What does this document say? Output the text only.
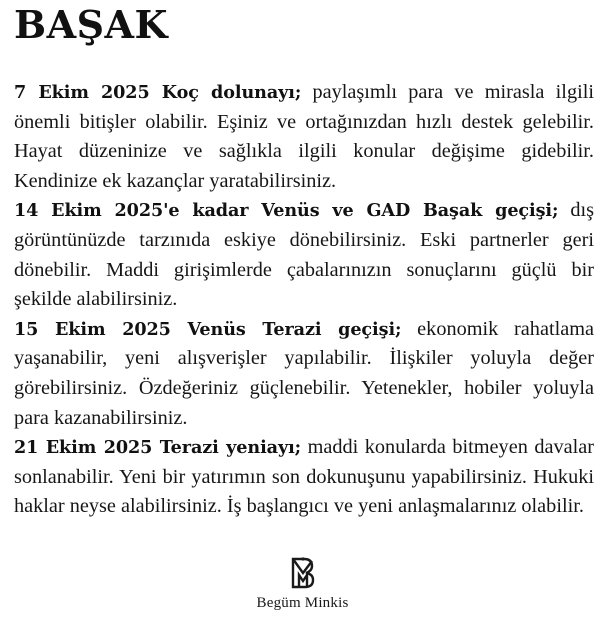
BAŞAK

7 Ekim 2025 Koç dolunayı; paylaşımlı para ve mirasla ilgili önemli bitişler olabilir. Eşiniz ve ortağınızdan hızlı destek gelebilir. Hayat düzeninize ve sağlıkla ilgili konular değişime gidebilir. Kendinize ek kazançlar yaratabilirsiniz.

14 Ekim 2025'e kadar Venüs ve GAD Başak geçişi; dış görüntünüzde tarzınıda eskiye dönebilirsiniz. Eski partnerler geri dönebilir. Maddi girişimlerde çabalarınızın sonuçlarını güçlü bir şekilde alabilirsiniz.

15 Ekim 2025 Venüs Terazi geçişi; ekonomik rahatlama yaşanabilir, yeni alışverişler yapılabilir. İlişkiler yoluyla değer görebilirsiniz. Özdeğeriniz güçlenebilir. Yetenekler, hobiler yoluyla para kazanabilirsiniz.

21 Ekim 2025 Terazi yeniayı; maddi konularda bitmeyen davalar sonlanabilir. Yeni bir yatırımın son dokunuşunu yapabilirsiniz. Hukuki haklar neyse alabilirsiniz. İş başlangıcı ve yeni anlaşmalarınız olabilir.

Begüm Minkis
